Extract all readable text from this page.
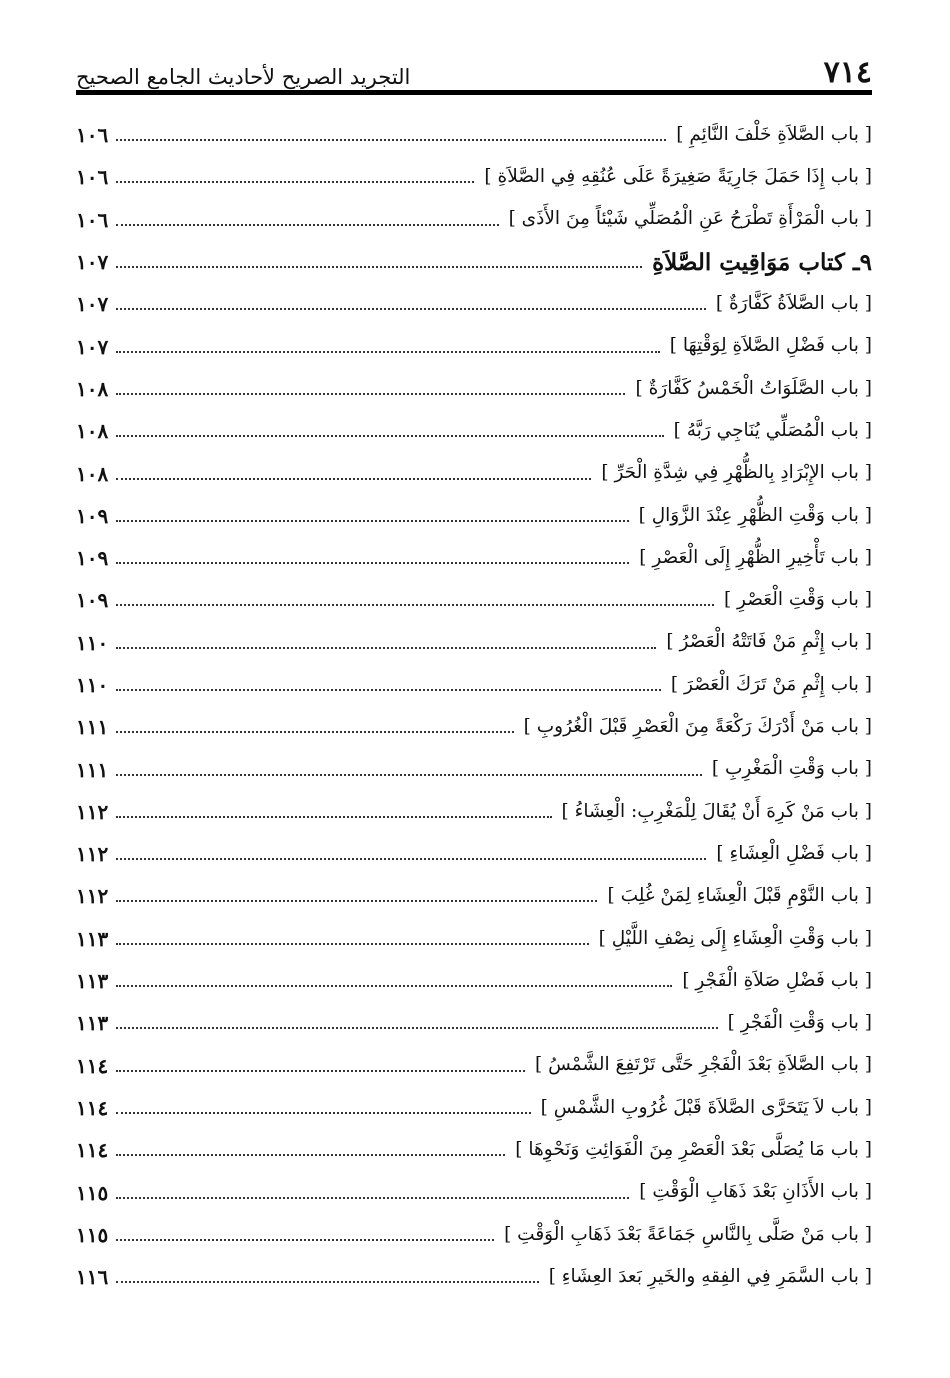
٧١٤
التجريد الصريح لأحاديث الجامع الصحيح
[ باب الصَّلاَةِ خَلْفَ النَّائِمِ ]
١٠٦
[ باب إِذَا حَمَلَ جَارِيَةً صَغِيرَةً عَلَى عُنُقِهِ فِي الصَّلاَةِ ]
١٠٦
[ باب الْمَرْأَةِ تَطْرَحُ عَنِ الْمُصَلِّي شَيْئاً مِنَ الأَذَى ]
١٠٦
٩ـ كتاب مَوَاقِيتِ الصَّلاَةِ
١٠٧
[ باب الصَّلاَةُ كَفَّارَةٌ ]
١٠٧
[ باب فَضْلِ الصَّلاَةِ لِوَقْتِهَا ]
١٠٧
[ باب الصَّلَوَاتُ الْخَمْسُ كَفَّارَةٌ ]
١٠٨
[ باب الْمُصَلِّي يُنَاجِي رَبَّهُ ]
١٠٨
[ باب الإِبْرَادِ بِالظُّهْرِ فِي شِدَّةِ الْحَرِّ ]
١٠٨
[ باب وَقْتِ الظُّهْرِ عِنْدَ الزَّوَالِ ]
١٠٩
[ باب تَأْخِيرِ الظُّهْرِ إِلَى الْعَصْرِ ]
١٠٩
[ باب وَقْتِ الْعَصْرِ ]
١٠٩
[ باب إِثْمِ مَنْ فَاتَتْهُ الْعَصْرُ ]
١١٠
[ باب إِثْمِ مَنْ تَرَكَ الْعَصْرَ ]
١١٠
[ باب مَنْ أَدْرَكَ رَكْعَةً مِنَ الْعَصْرِ قَبْلَ الْغُرُوبِ ]
١١١
[ باب وَقْتِ الْمَغْرِبِ ]
١١١
[ باب مَنْ كَرِهَ أَنْ يُقَالَ لِلْمَغْرِبِ: الْعِشَاءُ ]
١١٢
[ باب فَضْلِ الْعِشَاءِ ]
١١٢
[ باب النَّوْمِ قَبْلَ الْعِشَاءِ لِمَنْ غُلِبَ ]
١١٢
[ باب وَقْتِ الْعِشَاءِ إِلَى نِصْفِ اللَّيْلِ ]
١١٣
[ باب فَضْلِ صَلاَةِ الْفَجْرِ ]
١١٣
[ باب وَقْتِ الْفَجْرِ ]
١١٣
[ باب الصَّلاَةِ بَعْدَ الْفَجْرِ حَتَّى تَرْتَفِعَ الشَّمْسُ ]
١١٤
[ باب لاَ يَتَحَرَّى الصَّلاَةَ قَبْلَ غُرُوبِ الشَّمْسِ ]
١١٤
[ باب مَا يُصَلَّى بَعْدَ الْعَصْرِ مِنَ الْفَوَائِتِ وَنَحْوِهَا ]
١١٤
[ باب الأَذَانِ بَعْدَ ذَهَابِ الْوَقْتِ ]
١١٥
[ باب مَنْ صَلَّى بِالنَّاسِ جَمَاعَةً بَعْدَ ذَهَابِ الْوَقْتِ ]
١١٥
[ باب السَّمَرِ فِي الفِقهِ والخَيرِ بَعدَ العِشَاءِ ]
١١٦
